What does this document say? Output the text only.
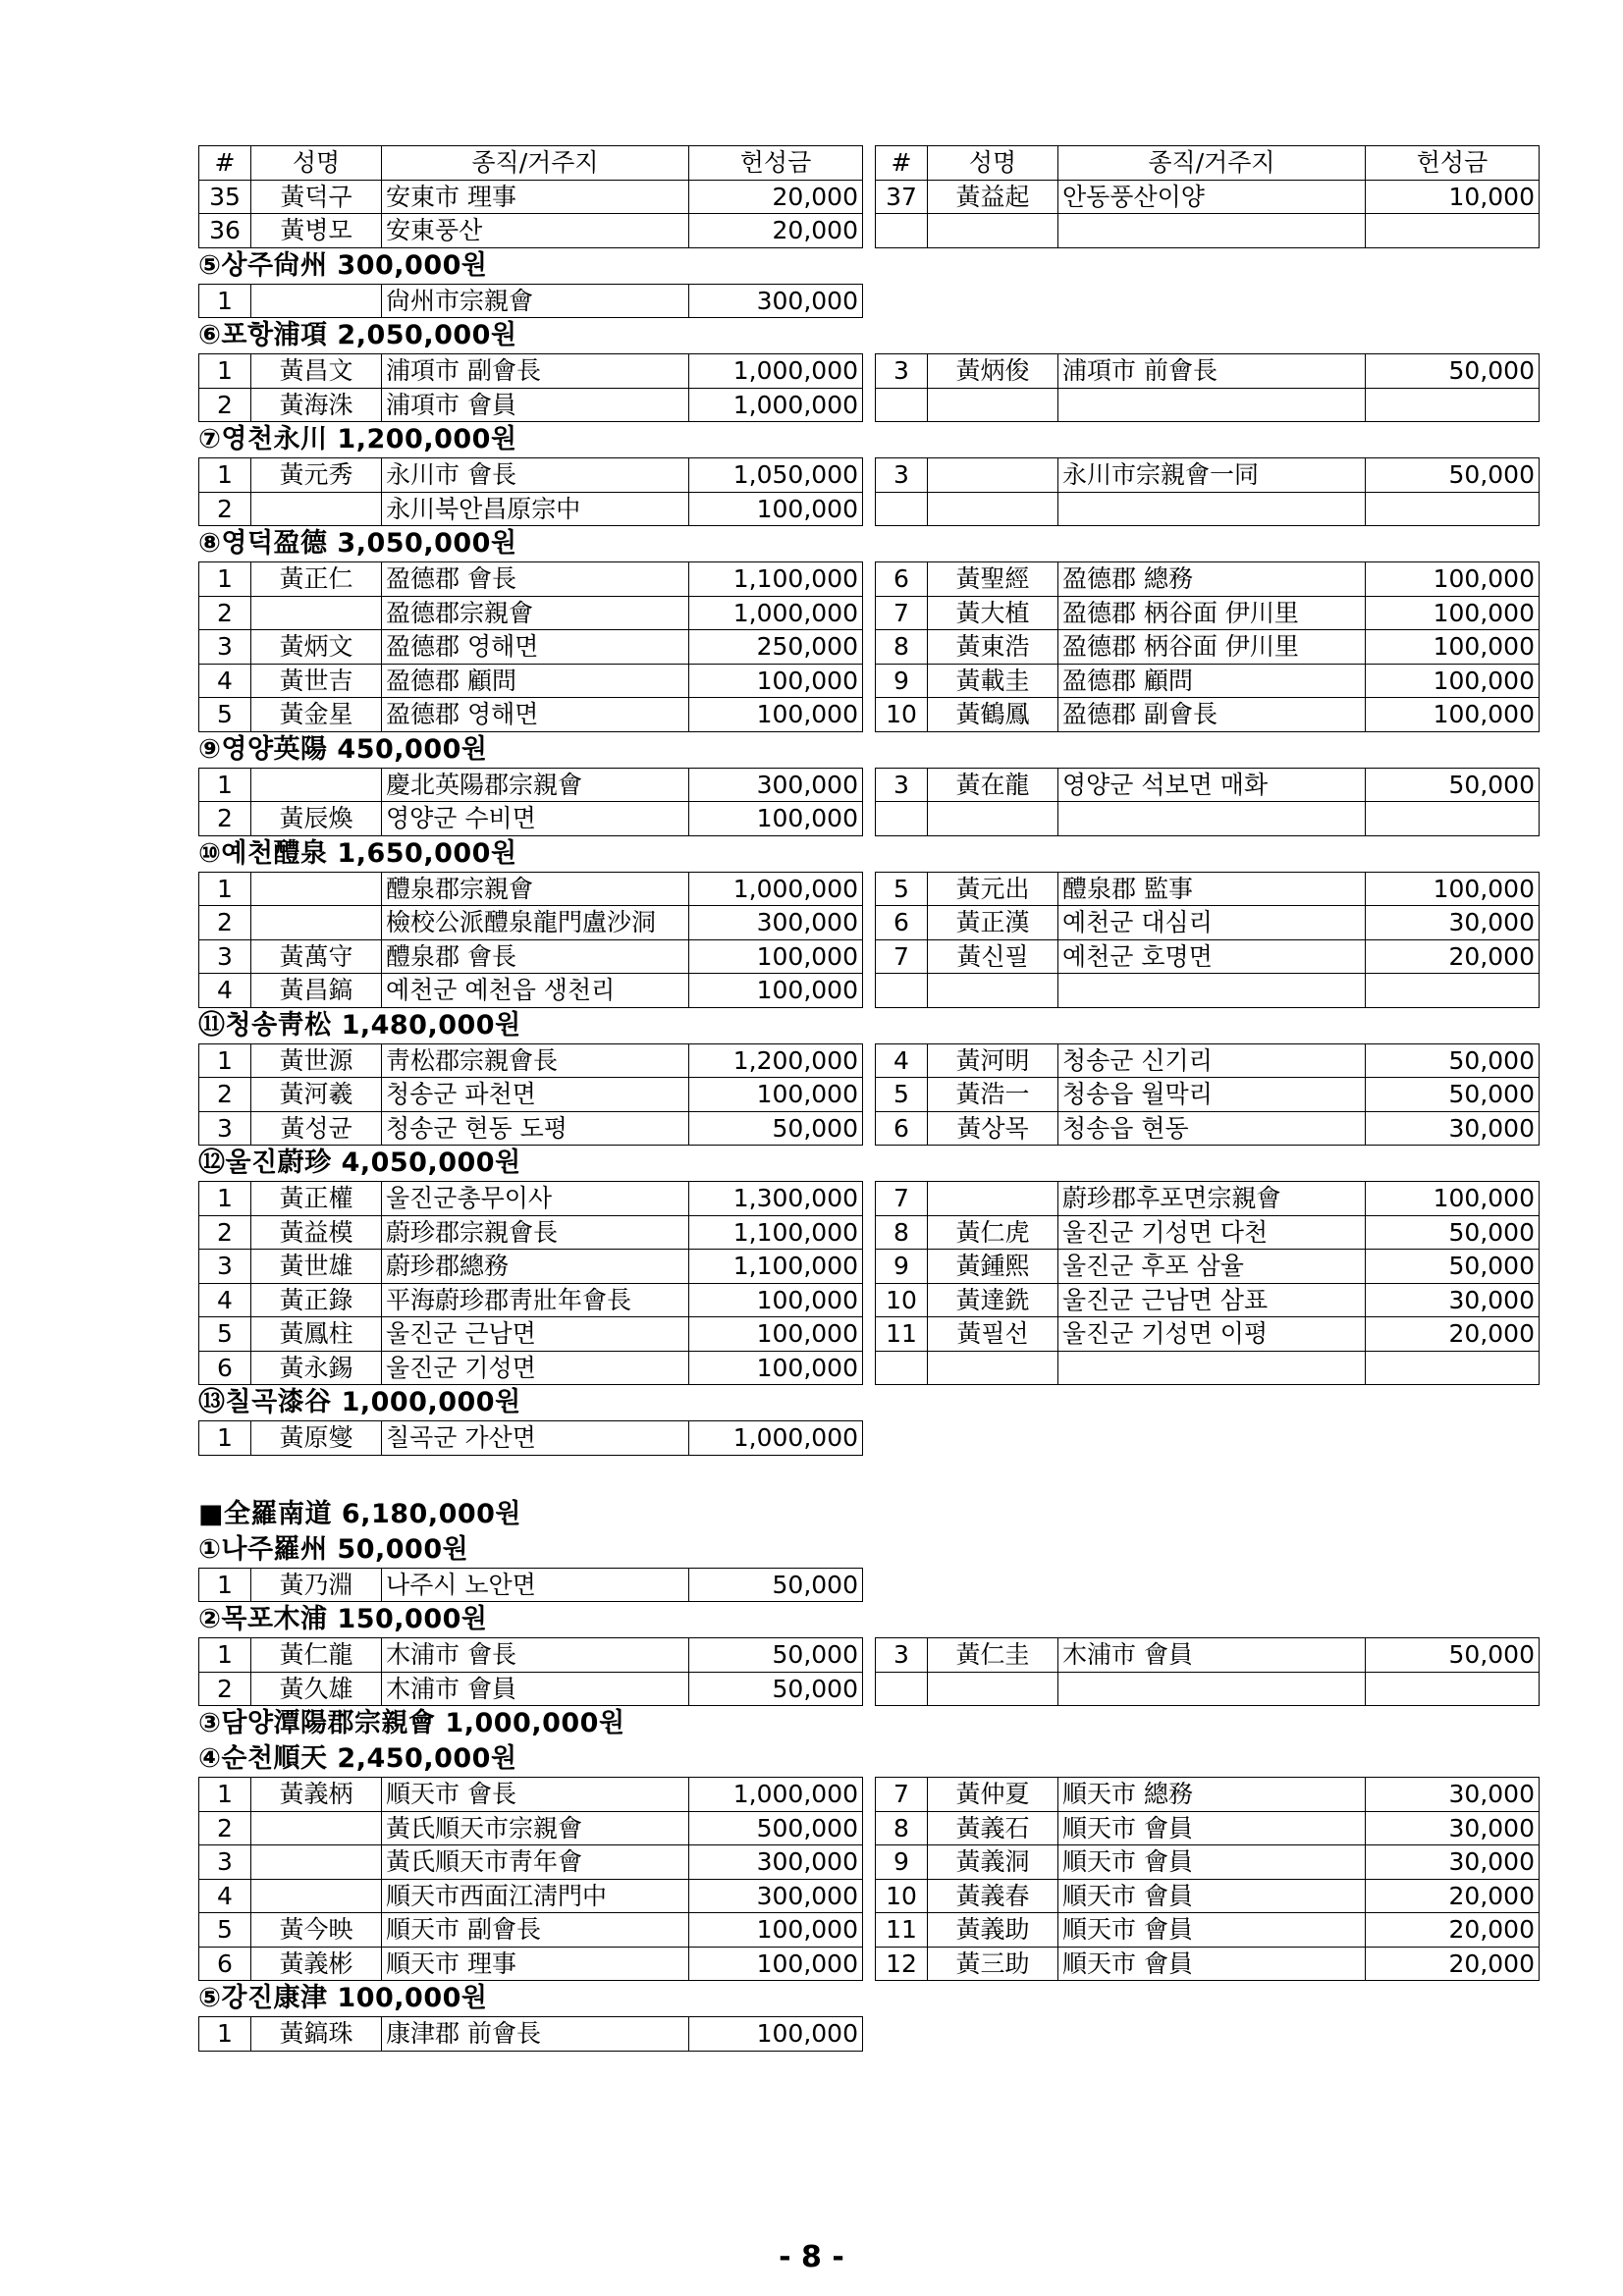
#	성명	종직/거주지	헌성금		#	성명	종직/거주지	헌성금
35	黃덕구	安東市 理事	20,000		37	黃益起	안동풍산이양	10,000
36	黃병모	安東풍산	20,000					
⑤상주尙州 300,000원
1		尙州市宗親會	300,000
⑥포항浦項 2,050,000원
1	黃昌文	浦項市 副會長	1,000,000		3	黃炳俊	浦項市 前會長	50,000
2	黃海洙	浦項市 會員	1,000,000					
⑦영천永川 1,200,000원
1	黃元秀	永川市 會長	1,050,000		3		永川市宗親會一同	50,000
2		永川북안昌原宗中	100,000					
⑧영덕盈德 3,050,000원
1	黃正仁	盈德郡 會長	1,100,000		6	黃聖經	盈德郡 總務	100,000
2		盈德郡宗親會	1,000,000		7	黃大植	盈德郡 柄谷面 伊川里	100,000
3	黃炳文	盈德郡 영해면	250,000		8	黃東浩	盈德郡 柄谷面 伊川里	100,000
4	黃世吉	盈德郡 顧問	100,000		9	黃載圭	盈德郡 顧問	100,000
5	黃金星	盈德郡 영해면	100,000		10	黃鶴鳳	盈德郡 副會長	100,000
⑨영양英陽 450,000원
1		慶北英陽郡宗親會	300,000		3	黃在龍	영양군 석보면 매화	50,000
2	黃辰煥	영양군 수비면	100,000					
⑩예천醴泉 1,650,000원
1		醴泉郡宗親會	1,000,000		5	黃元出	醴泉郡 監事	100,000
2		檢校公派醴泉龍門盧沙洞	300,000		6	黃正漢	예천군 대심리	30,000
3	黃萬守	醴泉郡 會長	100,000		7	黃신필	예천군 호명면	20,000
4	黃昌鎬	예천군 예천읍 생천리	100,000					
⑪청송靑松 1,480,000원
1	黃世源	靑松郡宗親會長	1,200,000		4	黃河明	청송군 신기리	50,000
2	黃河羲	청송군 파천면	100,000		5	黃浩一	청송읍 월막리	50,000
3	黃성균	청송군 현동 도평	50,000		6	黃상목	청송읍 현동	30,000
⑫울진蔚珍 4,050,000원
1	黃正權	울진군총무이사	1,300,000		7		蔚珍郡후포면宗親會	100,000
2	黃益模	蔚珍郡宗親會長	1,100,000		8	黃仁虎	울진군 기성면 다천	50,000
3	黃世雄	蔚珍郡總務	1,100,000		9	黃鍾熙	울진군 후포 삼율	50,000
4	黃正錄	平海蔚珍郡靑壯年會長	100,000		10	黃達銑	울진군 근남면 삼표	30,000
5	黃鳳柱	울진군 근남면	100,000		11	黃필선	울진군 기성면 이평	20,000
6	黃永錫	울진군 기성면	100,000					
⑬칠곡漆谷 1,000,000원
1	黃原燮	칠곡군 가산면	1,000,000
■全羅南道 6,180,000원
①나주羅州 50,000원
1	黃乃淵	나주시 노안면	50,000
②목포木浦 150,000원
1	黃仁龍	木浦市 會長	50,000		3	黃仁圭	木浦市 會員	50,000
2	黃久雄	木浦市 會員	50,000					
③담양潭陽郡宗親會 1,000,000원
④순천順天 2,450,000원
1	黃義柄	順天市 會長	1,000,000		7	黃仲夏	順天市 總務	30,000
2		黃氏順天市宗親會	500,000		8	黃義石	順天市 會員	30,000
3		黃氏順天市靑年會	300,000		9	黃義洞	順天市 會員	30,000
4		順天市西面江淸門中	300,000		10	黃義春	順天市 會員	20,000
5	黃今映	順天市 副會長	100,000		11	黃義助	順天市 會員	20,000
6	黃義彬	順天市 理事	100,000		12	黃三助	順天市 會員	20,000
⑤강진康津 100,000원
1	黃鎬珠	康津郡 前會長	100,000
- 8 -
